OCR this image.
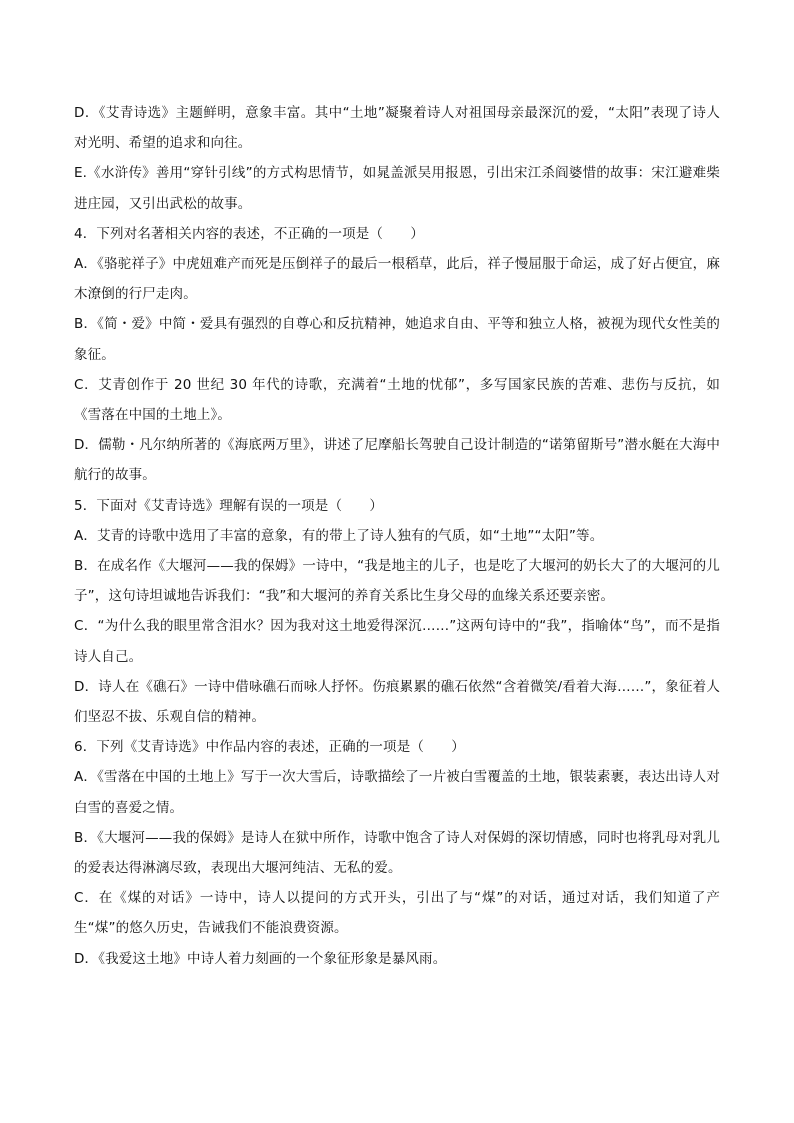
D．《艾青诗选》主题鲜明，意象丰富。其中“土地”凝聚着诗人对祖国母亲最深沉的爱，“太阳”表现了诗人对光明、希望的追求和向往。

E.《水浒传》善用“穿针引线”的方式构思情节，如晁盖派吴用报恩，引出宋江杀阎婆惜的故事：宋江避难柴进庄园，又引出武松的故事。

4．下列对名著相关内容的表述，不正确的一项是（　　）

A．《骆驼祥子》中虎妞难产而死是压倒祥子的最后一根稻草，此后，祥子慢屈服于命运，成了好占便宜，麻木潦倒的行尸走肉。

B．《简・爱》中简・爱具有强烈的自尊心和反抗精神，她追求自由、平等和独立人格，被视为现代女性美的象征。

C．艾青创作于 20 世纪 30 年代的诗歌，充满着“土地的忧郁”，多写国家民族的苦难、悲伤与反抗，如《雪落在中国的土地上》。

D．儒勒・凡尔纳所著的《海底两万里》，讲述了尼摩船长驾驶自己设计制造的“诺第留斯号”潜水艇在大海中航行的故事。

5．下面对《艾青诗选》理解有误的一项是（　　）

A．艾青的诗歌中选用了丰富的意象，有的带上了诗人独有的气质，如“土地”“太阳”等。

B．在成名作《大堰河——我的保姆》一诗中，“我是地主的儿子，也是吃了大堰河的奶长大了的大堰河的儿子”，这句诗坦诚地告诉我们：“我”和大堰河的养育关系比生身父母的血缘关系还要亲密。

C．“为什么我的眼里常含泪水？因为我对这土地爱得深沉……”这两句诗中的“我”，指喻体“鸟”，而不是指诗人自己。

D．诗人在《礁石》一诗中借咏礁石而咏人抒怀。伤痕累累的礁石依然“含着微笑/看着大海……”，象征着人们坚忍不拔、乐观自信的精神。

6．下列《艾青诗选》中作品内容的表述，正确的一项是（　　）

A．《雪落在中国的土地上》写于一次大雪后，诗歌描绘了一片被白雪覆盖的土地，银装素裹，表达出诗人对白雪的喜爱之情。

B．《大堰河——我的保姆》是诗人在狱中所作，诗歌中饱含了诗人对保姆的深切情感，同时也将乳母对乳儿的爱表达得淋漓尽致，表现出大堰河纯洁、无私的爱。

C．在《煤的对话》一诗中，诗人以提问的方式开头，引出了与“煤”的对话，通过对话，我们知道了产生“煤”的悠久历史，告诫我们不能浪费资源。

D．《我爱这土地》中诗人着力刻画的一个象征形象是暴风雨。
